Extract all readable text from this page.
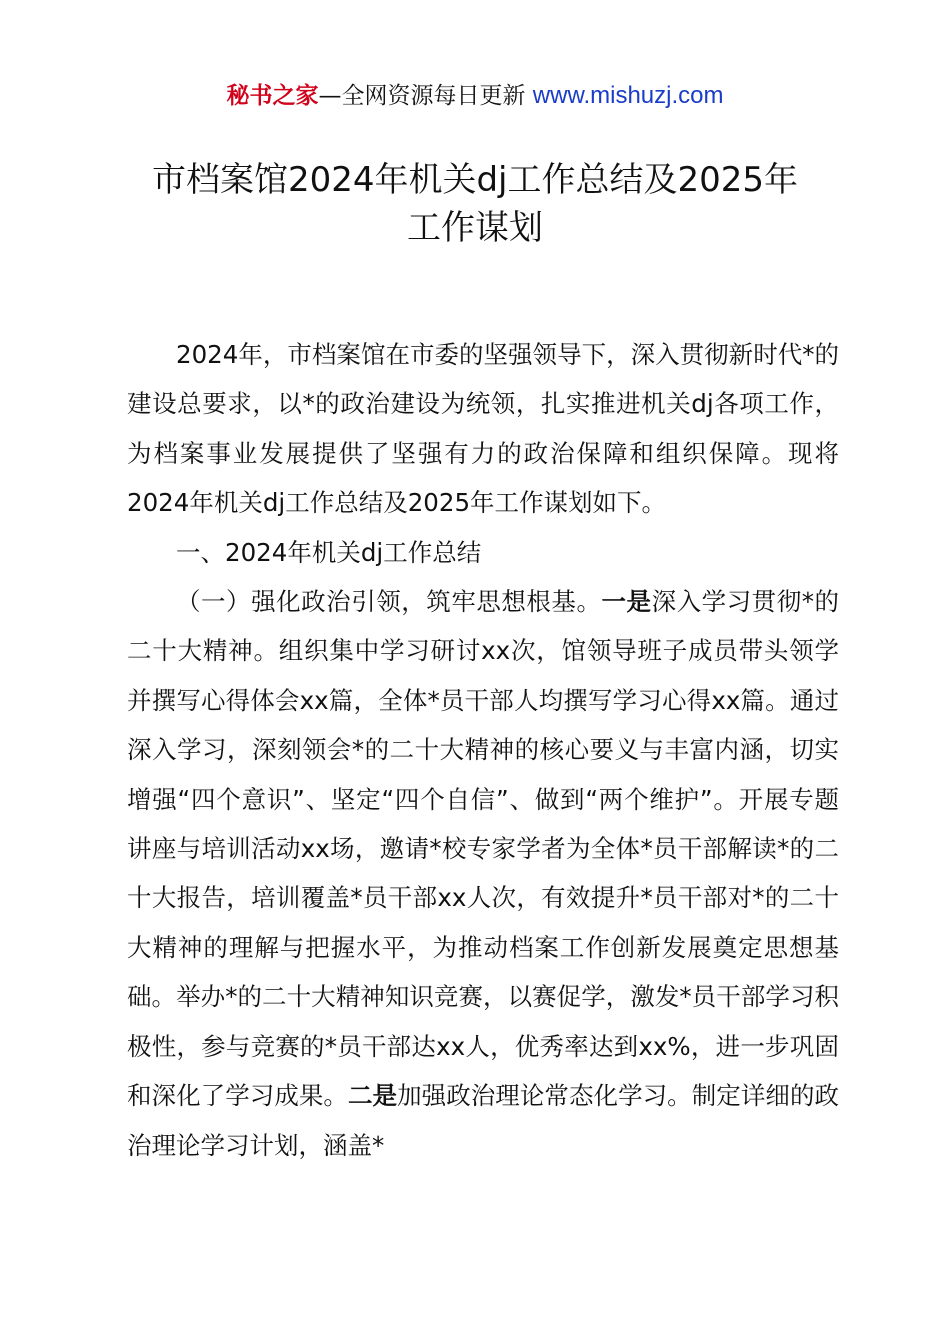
秘书之家—全网资源每日更新 www.mishuzj.com
市档案馆2024年机关dj工作总结及2025年
工作谋划

2024年，市档案馆在市委的坚强领导下，深入贯彻新时代*的建设总要求，以*的政治建设为统领，扎实推进机关dj各项工作，为档案事业发展提供了坚强有力的政治保障和组织保障。现将2024年机关dj工作总结及2025年工作谋划如下。

一、2024年机关dj工作总结

（一）强化政治引领，筑牢思想根基。一是深入学习贯彻*的二十大精神。组织集中学习研讨xx次，馆领导班子成员带头领学并撰写心得体会xx篇，全体*员干部人均撰写学习心得xx篇。通过深入学习，深刻领会*的二十大精神的核心要义与丰富内涵，切实增强“四个意识”、坚定“四个自信”、做到“两个维护”。开展专题讲座与培训活动xx场，邀请*校专家学者为全体*员干部解读*的二十大报告，培训覆盖*员干部xx人次，有效提升*员干部对*的二十大精神的理解与把握水平，为推动档案工作创新发展奠定思想基础。举办*的二十大精神知识竞赛，以赛促学，激发*员干部学习积极性，参与竞赛的*员干部达xx人，优秀率达到xx%，进一步巩固和深化了学习成果。二是加强政治理论常态化学习。制定详细的政治理论学习计划，涵盖*
